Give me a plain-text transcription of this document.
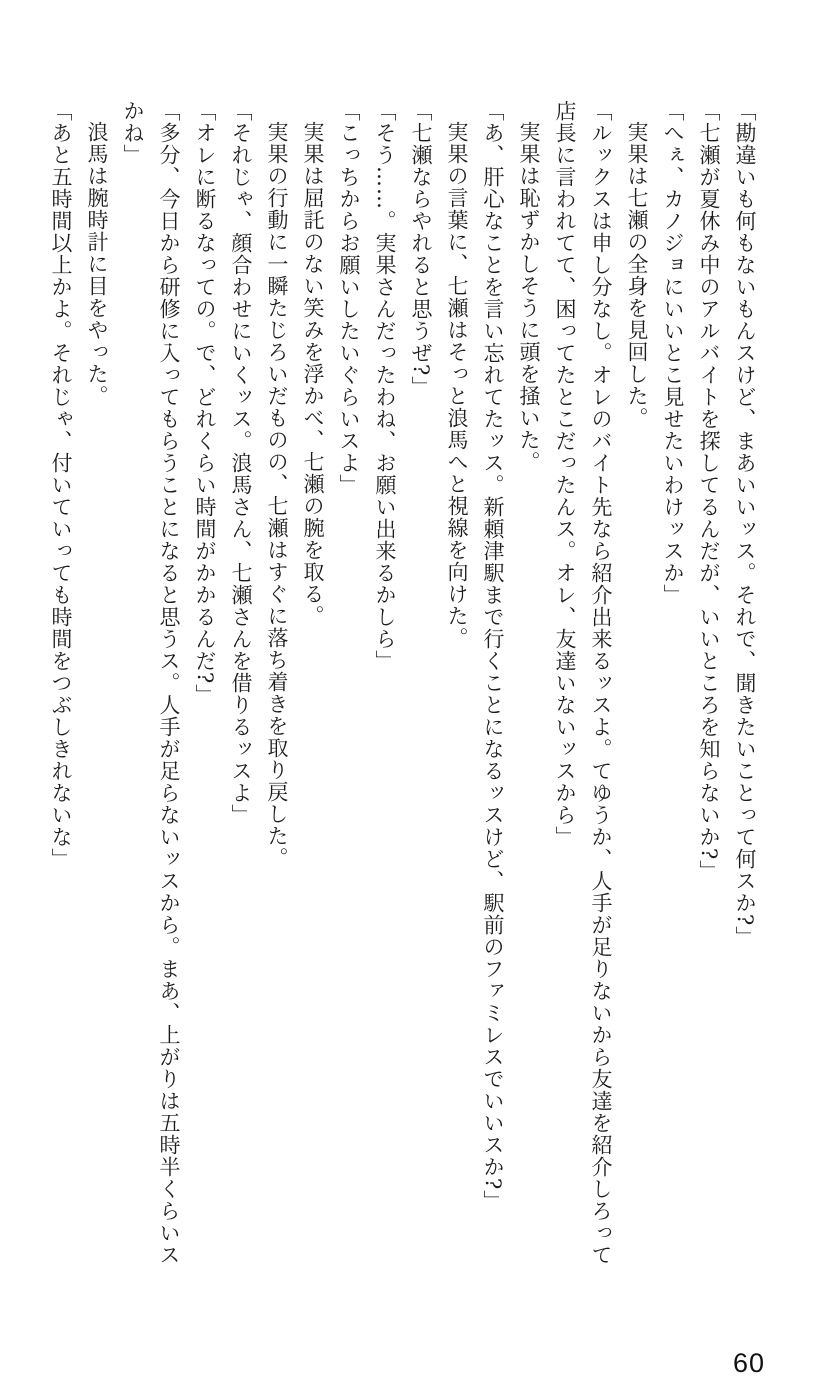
「勘違いも何もないもんスけど、まあいいッス。それで、聞きたいことって何スか?」
「七瀬が夏休み中のアルバイトを探してるんだが、いいところを知らないか?」
「へぇ、カノジョにいいとこ見せたいわけッスか」
実果は七瀬の全身を見回した。
「ルックスは申し分なし。オレのバイト先なら紹介出来るッスよ。てゆうか、人手が足りないから友達を紹介しろって
店長に言われてて、困ってたとこだったんス。オレ、友達いないッスから」
実果は恥ずかしそうに頭を掻いた。
「あ、肝心なことを言い忘れてたッス。新頼津駅まで行くことになるッスけど、駅前のファミレスでいいスか?」
実果の言葉に、七瀬はそっと浪馬へと視線を向けた。
「七瀬ならやれると思うぜ?」
「そう……。実果さんだったわね、お願い出来るかしら」
「こっちからお願いしたいぐらいスよ」
実果は屈託のない笑みを浮かべ、七瀬の腕を取る。
実果の行動に一瞬たじろいだものの、七瀬はすぐに落ち着きを取り戻した。
「それじゃ、顔合わせにいくッス。浪馬さん、七瀬さんを借りるッスよ」
「オレに断るなっての。で、どれくらい時間がかかるんだ?」
「多分、今日から研修に入ってもらうことになると思うス。人手が足らないッスから。まあ、上がりは五時半くらいス
かね」
浪馬は腕時計に目をやった。
「あと五時間以上かよ。それじゃ、付いていっても時間をつぶしきれないな」
60
